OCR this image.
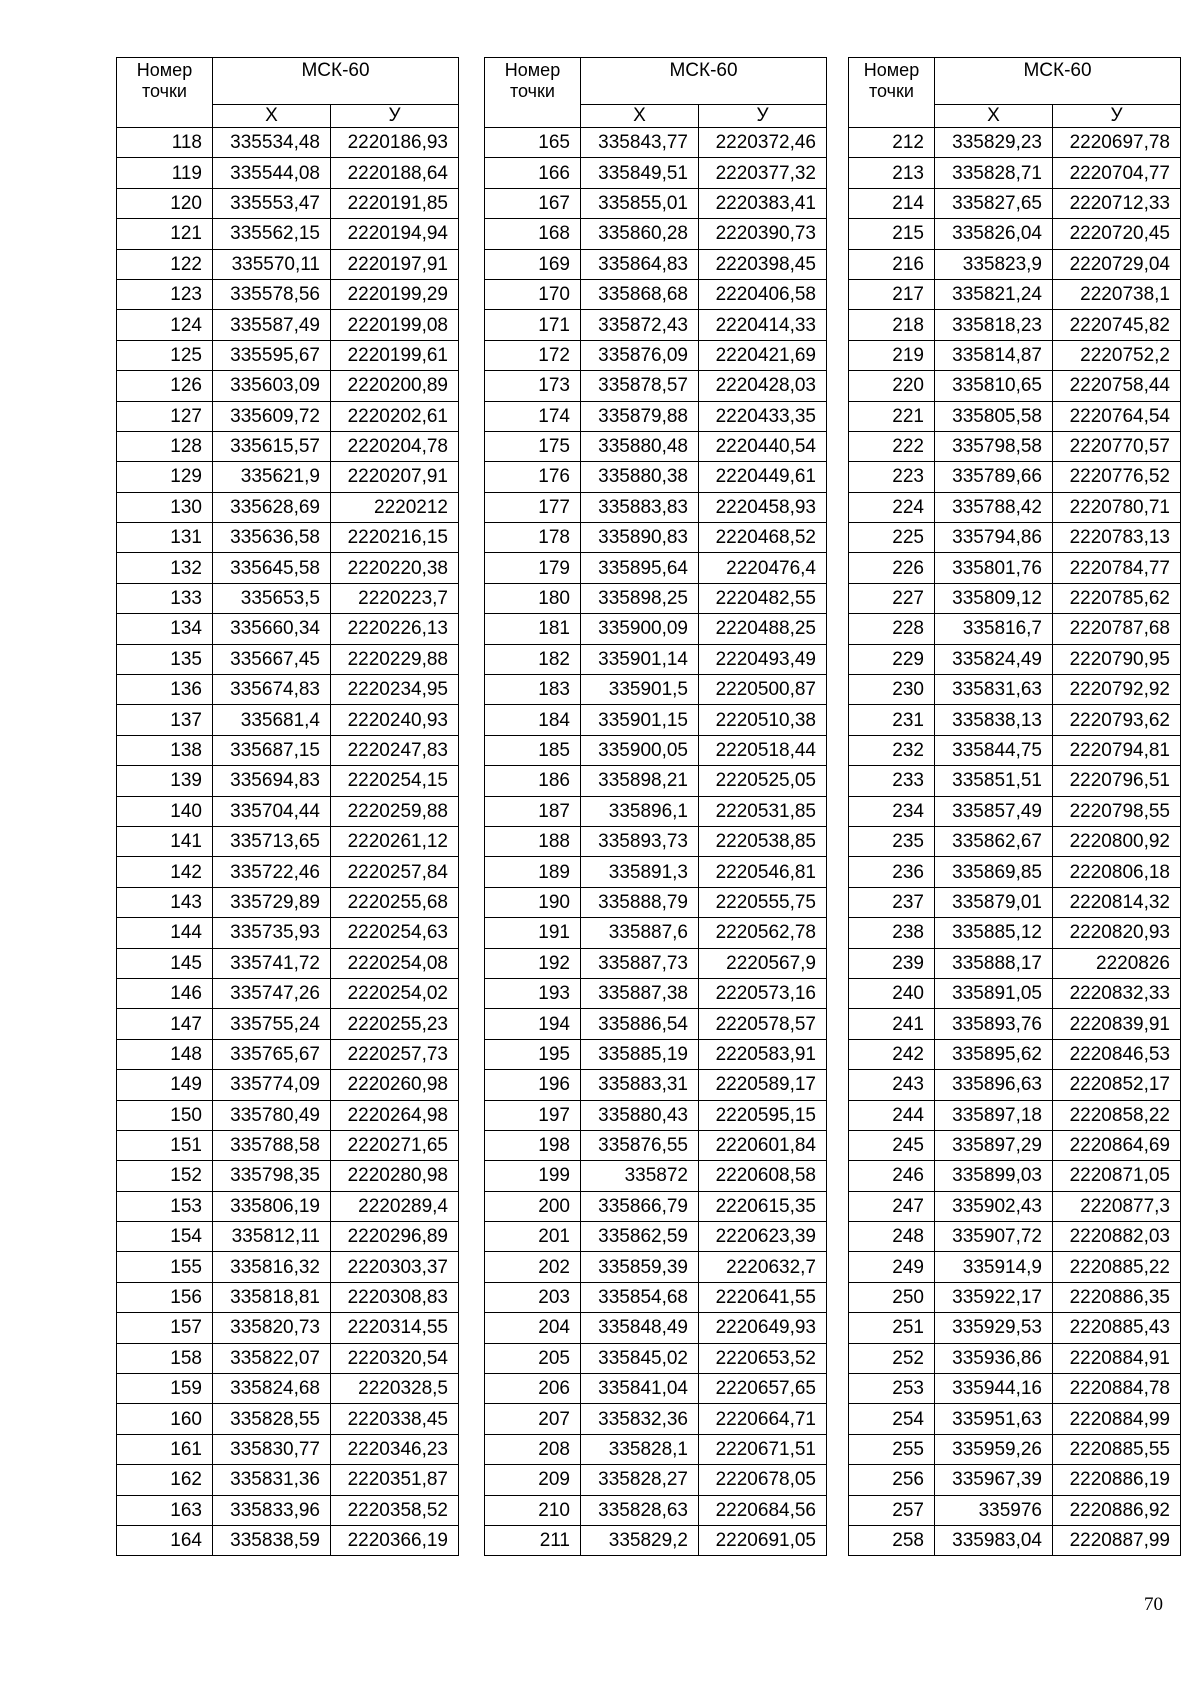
Номер
точки	МСК-60	
	Х	У
118	335534,48	2220186,93
119	335544,08	2220188,64
120	335553,47	2220191,85
121	335562,15	2220194,94
122	335570,11	2220197,91
123	335578,56	2220199,29
124	335587,49	2220199,08
125	335595,67	2220199,61
126	335603,09	2220200,89
127	335609,72	2220202,61
128	335615,57	2220204,78
129	335621,9	2220207,91
130	335628,69	2220212
131	335636,58	2220216,15
132	335645,58	2220220,38
133	335653,5	2220223,7
134	335660,34	2220226,13
135	335667,45	2220229,88
136	335674,83	2220234,95
137	335681,4	2220240,93
138	335687,15	2220247,83
139	335694,83	2220254,15
140	335704,44	2220259,88
141	335713,65	2220261,12
142	335722,46	2220257,84
143	335729,89	2220255,68
144	335735,93	2220254,63
145	335741,72	2220254,08
146	335747,26	2220254,02
147	335755,24	2220255,23
148	335765,67	2220257,73
149	335774,09	2220260,98
150	335780,49	2220264,98
151	335788,58	2220271,65
152	335798,35	2220280,98
153	335806,19	2220289,4
154	335812,11	2220296,89
155	335816,32	2220303,37
156	335818,81	2220308,83
157	335820,73	2220314,55
158	335822,07	2220320,54
159	335824,68	2220328,5
160	335828,55	2220338,45
161	335830,77	2220346,23
162	335831,36	2220351,87
163	335833,96	2220358,52
164	335838,59	2220366,19
Номер
точки	МСК-60	
	Х	У
165	335843,77	2220372,46
166	335849,51	2220377,32
167	335855,01	2220383,41
168	335860,28	2220390,73
169	335864,83	2220398,45
170	335868,68	2220406,58
171	335872,43	2220414,33
172	335876,09	2220421,69
173	335878,57	2220428,03
174	335879,88	2220433,35
175	335880,48	2220440,54
176	335880,38	2220449,61
177	335883,83	2220458,93
178	335890,83	2220468,52
179	335895,64	2220476,4
180	335898,25	2220482,55
181	335900,09	2220488,25
182	335901,14	2220493,49
183	335901,5	2220500,87
184	335901,15	2220510,38
185	335900,05	2220518,44
186	335898,21	2220525,05
187	335896,1	2220531,85
188	335893,73	2220538,85
189	335891,3	2220546,81
190	335888,79	2220555,75
191	335887,6	2220562,78
192	335887,73	2220567,9
193	335887,38	2220573,16
194	335886,54	2220578,57
195	335885,19	2220583,91
196	335883,31	2220589,17
197	335880,43	2220595,15
198	335876,55	2220601,84
199	335872	2220608,58
200	335866,79	2220615,35
201	335862,59	2220623,39
202	335859,39	2220632,7
203	335854,68	2220641,55
204	335848,49	2220649,93
205	335845,02	2220653,52
206	335841,04	2220657,65
207	335832,36	2220664,71
208	335828,1	2220671,51
209	335828,27	2220678,05
210	335828,63	2220684,56
211	335829,2	2220691,05
Номер
точки	МСК-60	
	Х	У
212	335829,23	2220697,78
213	335828,71	2220704,77
214	335827,65	2220712,33
215	335826,04	2220720,45
216	335823,9	2220729,04
217	335821,24	2220738,1
218	335818,23	2220745,82
219	335814,87	2220752,2
220	335810,65	2220758,44
221	335805,58	2220764,54
222	335798,58	2220770,57
223	335789,66	2220776,52
224	335788,42	2220780,71
225	335794,86	2220783,13
226	335801,76	2220784,77
227	335809,12	2220785,62
228	335816,7	2220787,68
229	335824,49	2220790,95
230	335831,63	2220792,92
231	335838,13	2220793,62
232	335844,75	2220794,81
233	335851,51	2220796,51
234	335857,49	2220798,55
235	335862,67	2220800,92
236	335869,85	2220806,18
237	335879,01	2220814,32
238	335885,12	2220820,93
239	335888,17	2220826
240	335891,05	2220832,33
241	335893,76	2220839,91
242	335895,62	2220846,53
243	335896,63	2220852,17
244	335897,18	2220858,22
245	335897,29	2220864,69
246	335899,03	2220871,05
247	335902,43	2220877,3
248	335907,72	2220882,03
249	335914,9	2220885,22
250	335922,17	2220886,35
251	335929,53	2220885,43
252	335936,86	2220884,91
253	335944,16	2220884,78
254	335951,63	2220884,99
255	335959,26	2220885,55
256	335967,39	2220886,19
257	335976	2220886,92
258	335983,04	2220887,99
70
